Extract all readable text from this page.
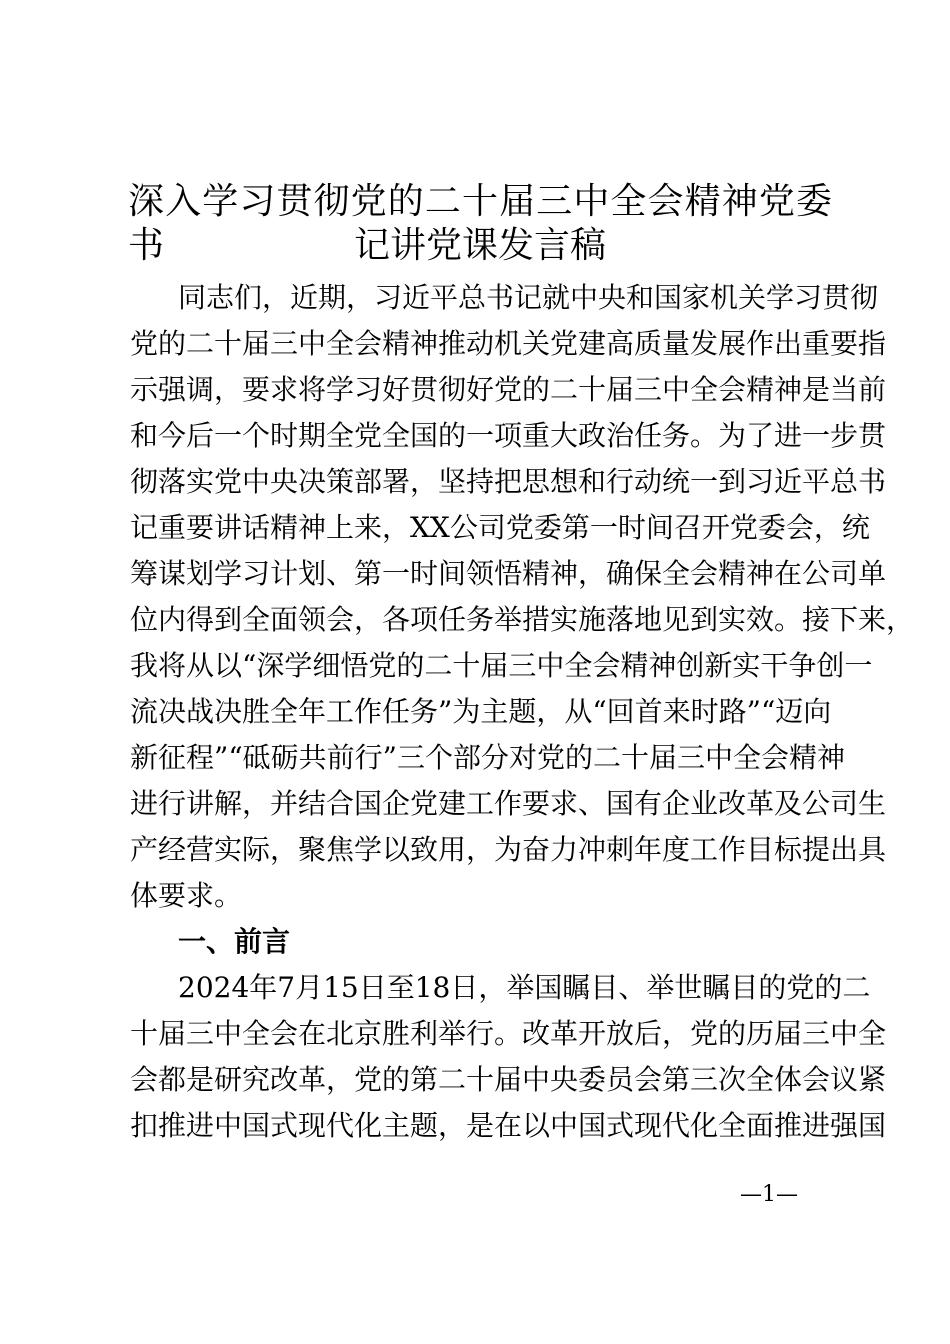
深入学习贯彻党的二十届三中全会精神党委书	记讲党课发言稿
同志们，近期，习近平总书记就中央和国家机关学习贯彻
党的二十届三中全会精神推动机关党建高质量发展作出重要指
示强调，要求将学习好贯彻好党的二十届三中全会精神是当前
和今后一个时期全党全国的一项重大政治任务。为了进一步贯
彻落实党中央决策部署，坚持把思想和行动统一到习近平总书
记重要讲话精神上来，XX公司党委第一时间召开党委会，统
筹谋划学习计划、第一时间领悟精神，确保全会精神在公司单
位内得到全面领会，各项任务举措实施落地见到实效。接下来，
我将从以“深学细悟党的二十届三中全会精神创新实干争创一
流决战决胜全年工作任务”为主题，从“回首来时路”“迈向
新征程”“砥砺共前行”三个部分对党的二十届三中全会精神
进行讲解，并结合国企党建工作要求、国有企业改革及公司生
产经营实际，聚焦学以致用，为奋力冲刺年度工作目标提出具
体要求。
一、前言
2024年7月15日至18日，举国瞩目、举世瞩目的党的二
十届三中全会在北京胜利举行。改革开放后，党的历届三中全
会都是研究改革，党的第二十届中央委员会第三次全体会议紧
扣推进中国式现代化主题，是在以中国式现代化全面推进强国
—1—
